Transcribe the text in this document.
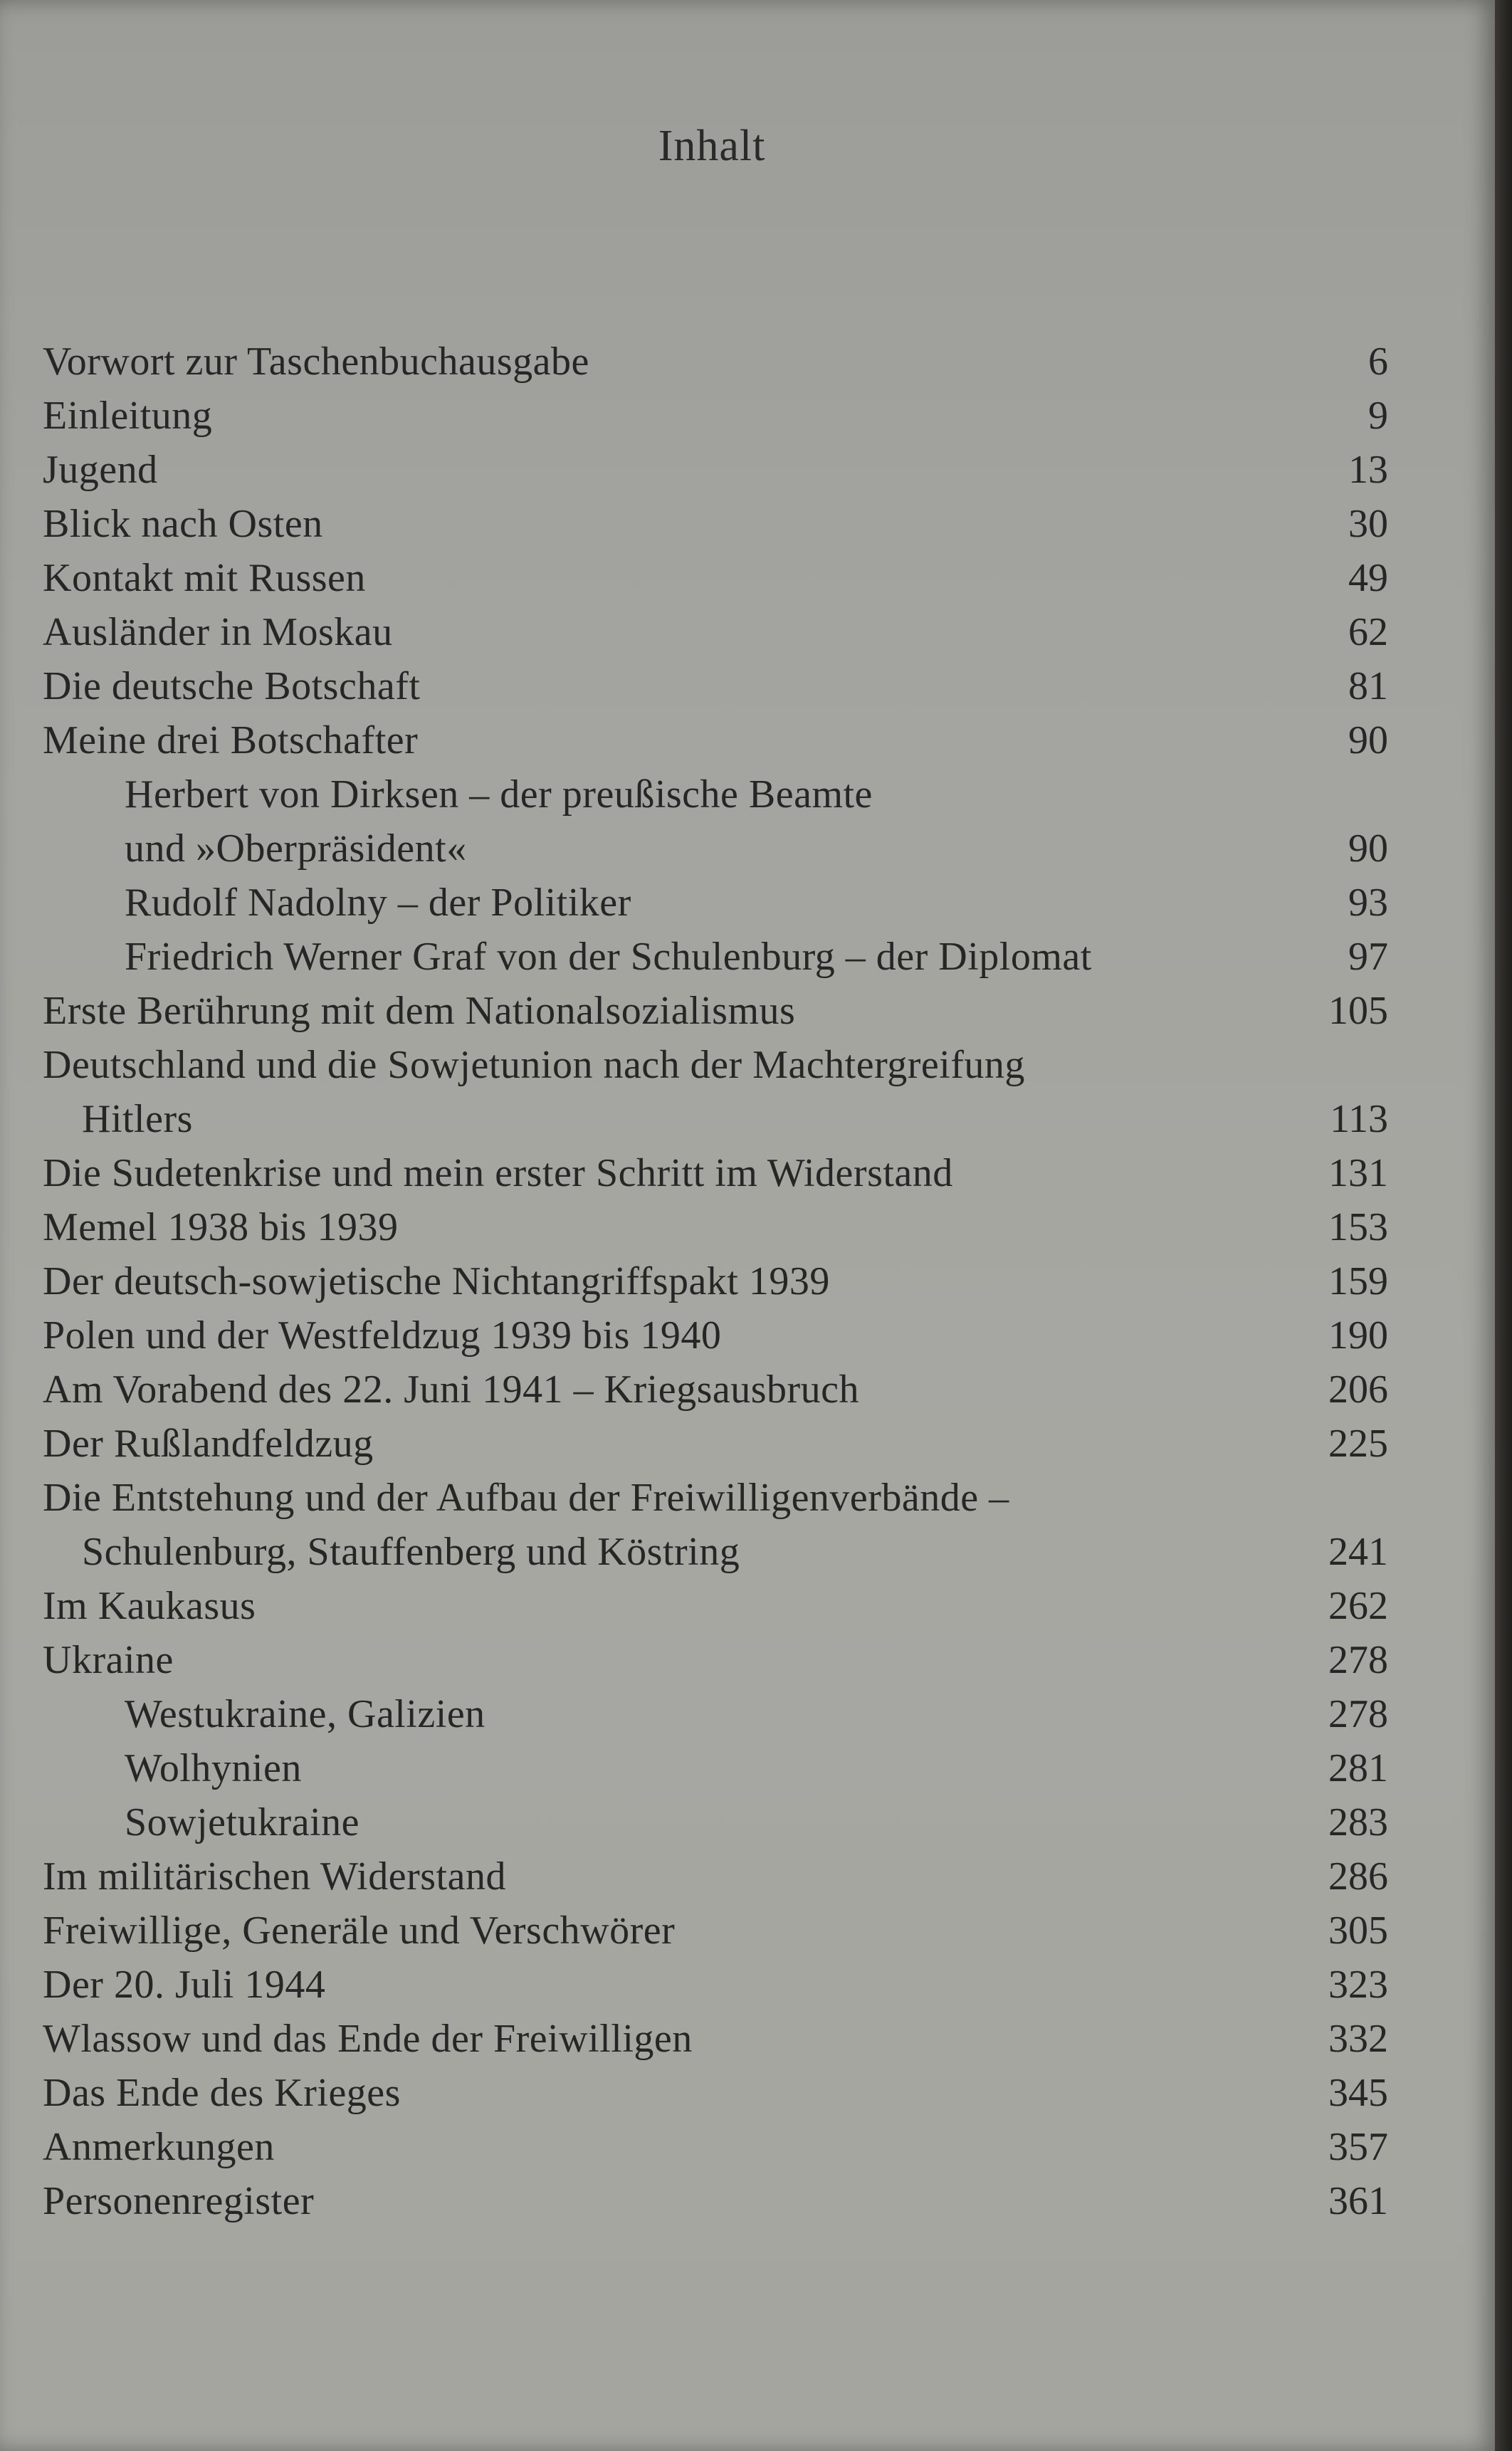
Inhalt
Vorwort zur Taschenbuchausgabe	6
Einleitung	9
Jugend	13
Blick nach Osten	30
Kontakt mit Russen	49
Ausländer in Moskau	62
Die deutsche Botschaft	81
Meine drei Botschafter	90
Herbert von Dirksen – der preußische Beamte
und »Oberpräsident«	90
Rudolf Nadolny – der Politiker	93
Friedrich Werner Graf von der Schulenburg – der Diplomat	97
Erste Berührung mit dem Nationalsozialismus	105
Deutschland und die Sowjetunion nach der Machtergreifung
Hitlers	113
Die Sudetenkrise und mein erster Schritt im Widerstand	131
Memel 1938 bis 1939	153
Der deutsch-sowjetische Nichtangriffspakt 1939	159
Polen und der Westfeldzug 1939 bis 1940	190
Am Vorabend des 22. Juni 1941 – Kriegsausbruch	206
Der Rußlandfeldzug	225
Die Entstehung und der Aufbau der Freiwilligenverbände –
Schulenburg, Stauffenberg und Köstring	241
Im Kaukasus	262
Ukraine	278
Westukraine, Galizien	278
Wolhynien	281
Sowjetukraine	283
Im militärischen Widerstand	286
Freiwillige, Generäle und Verschwörer	305
Der 20. Juli 1944	323
Wlassow und das Ende der Freiwilligen	332
Das Ende des Krieges	345
Anmerkungen	357
Personenregister	361
